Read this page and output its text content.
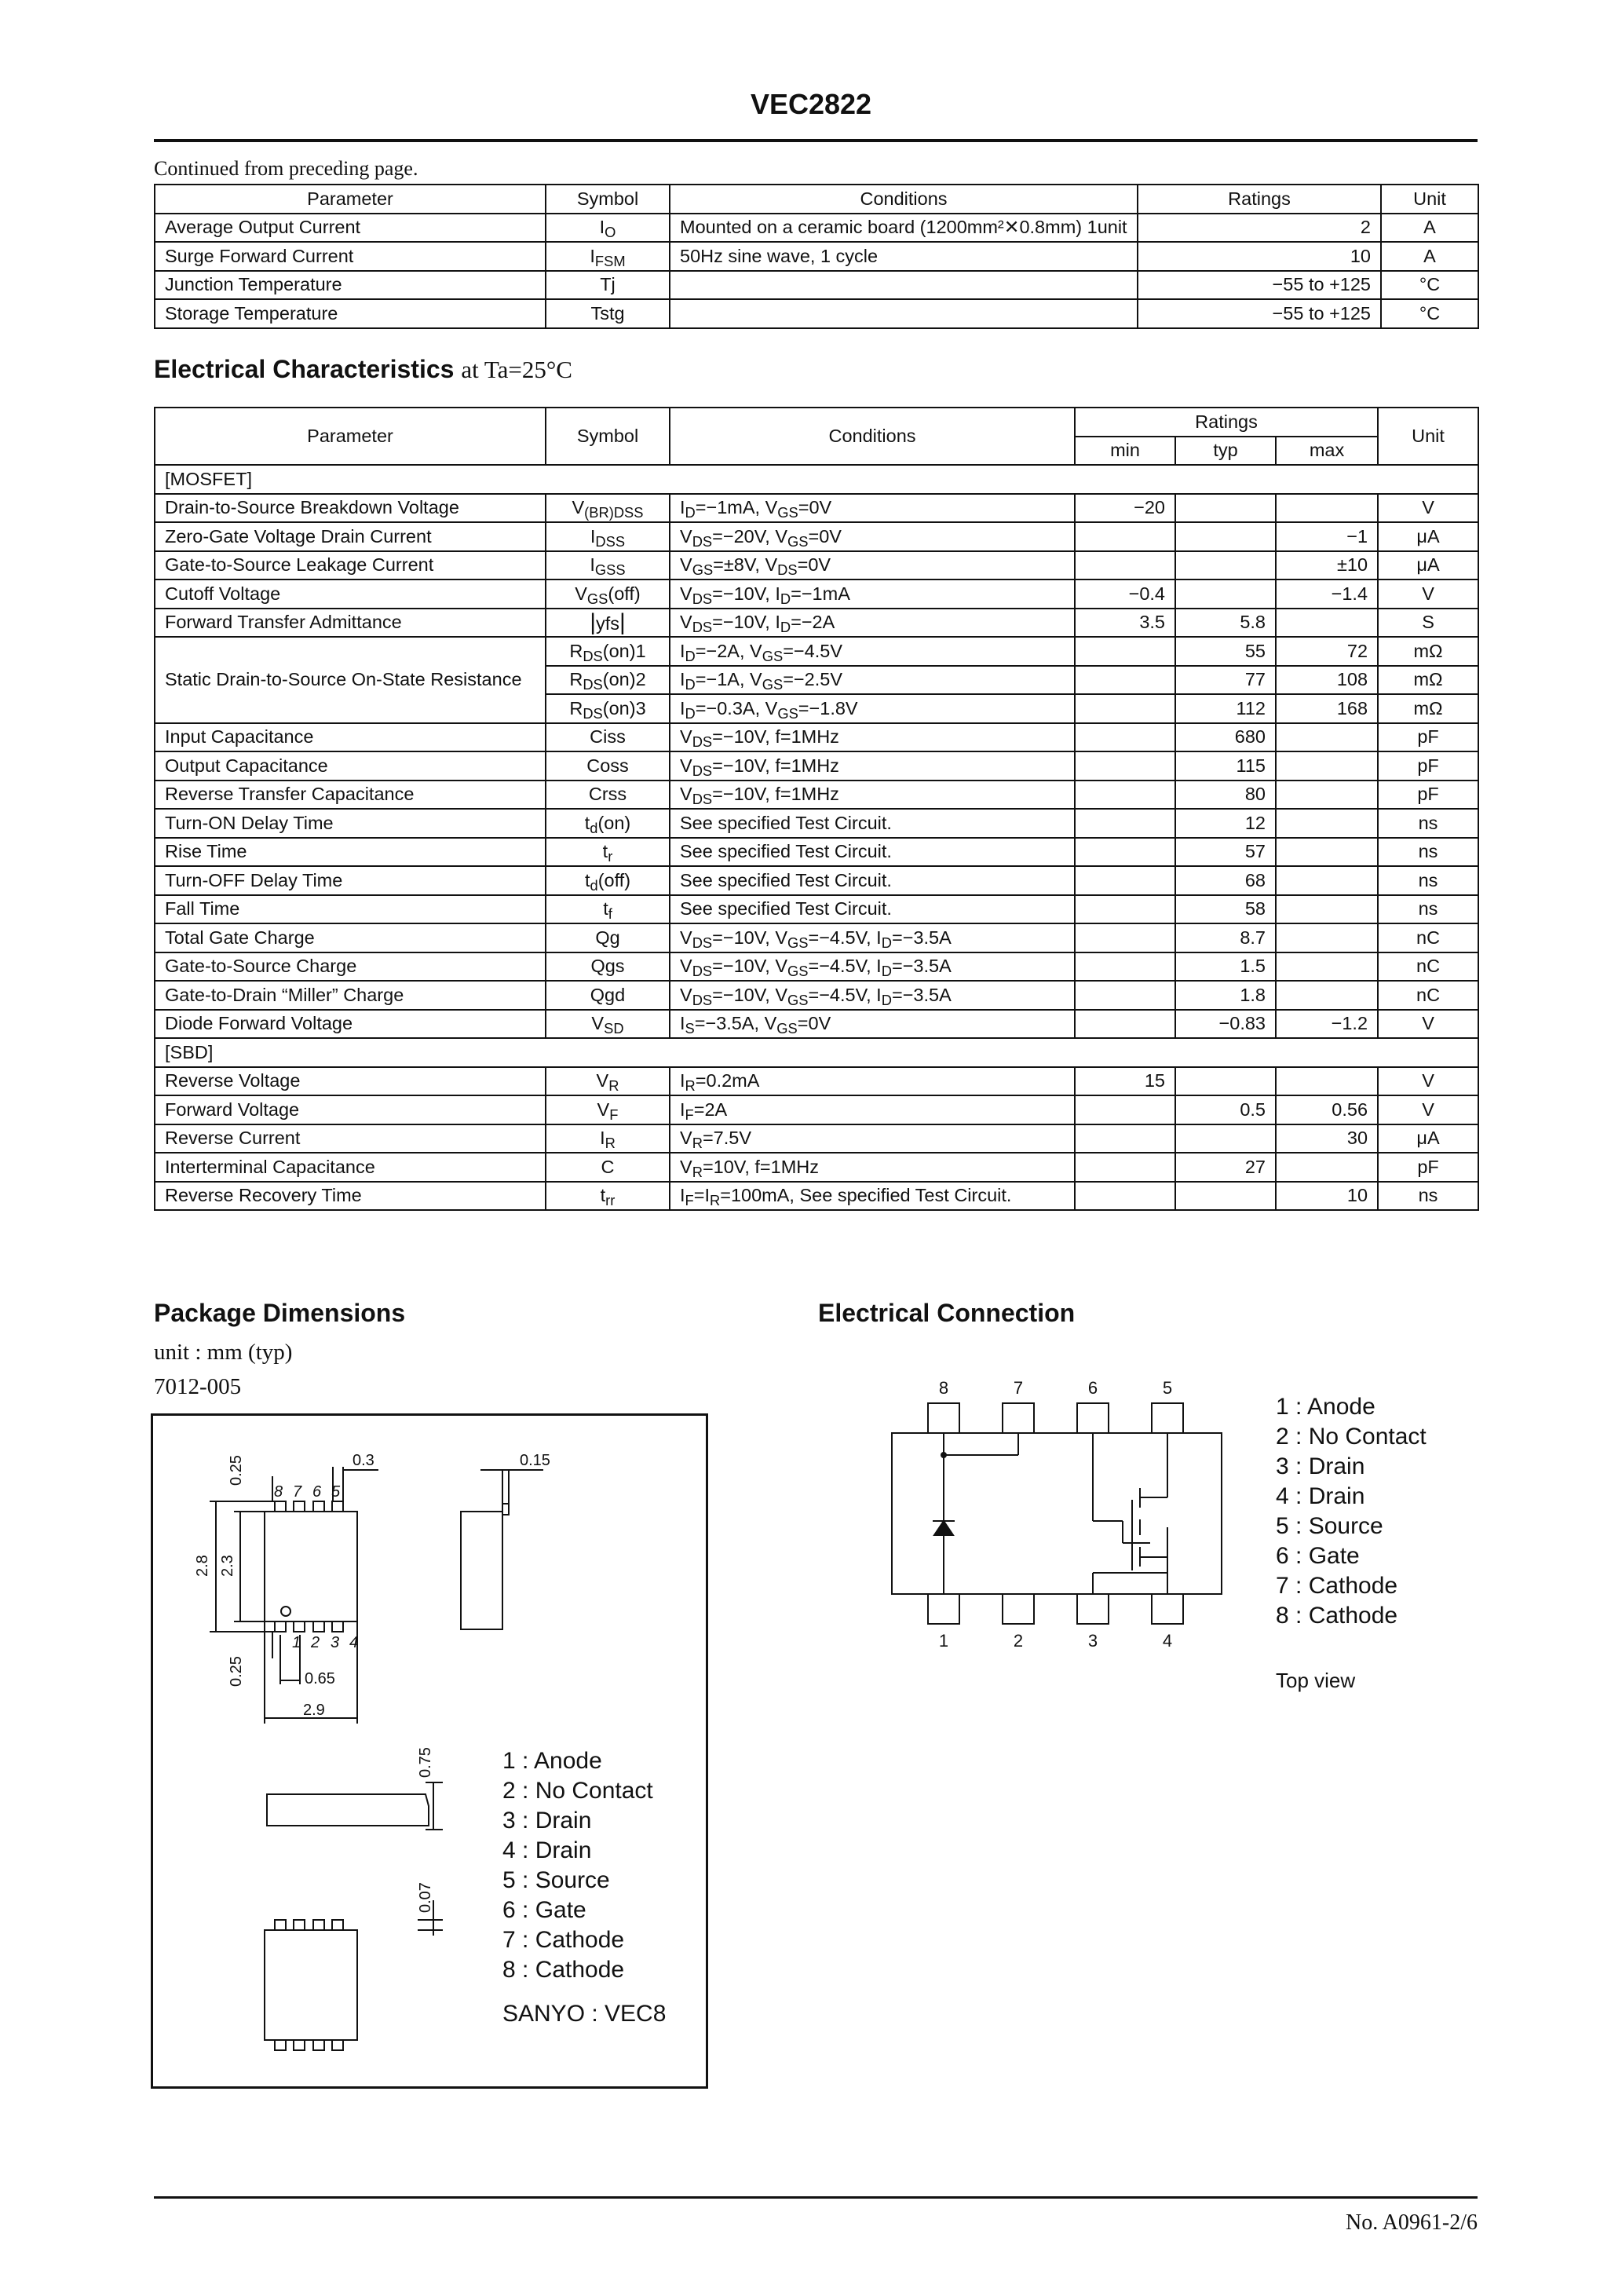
VEC2822
Continued from preceding page.
Parameter	Symbol	Conditions	Ratings	Unit
Average Output Current	$I_O$	Mounted on a ceramic board (1200mm²✕0.8mm) 1unit	2	A
Surge Forward Current	$I_{FSM}$	50Hz sine wave, 1 cycle	10	A
Junction Temperature	Tj		−55 to +125	°C
Storage Temperature	Tstg		−55 to +125	°C
Electrical Characteristics at Ta=25°C
Parameter	Symbol	Conditions	Ratings			Unit
			min	typ	max	
[MOSFET]						
Drain-to-Source Breakdown Voltage	$V_{(BR)DSS}$	$I_D=-1mA$, $V_{GS}=0V$	−20			V
Zero-Gate Voltage Drain Current	$I_{DSS}$	$V_{DS}=-20V$, $V_{GS}=0V$			−1	μA
Gate-to-Source Leakage Current	$I_{GSS}$	$V_{GS}=\pm 8V$, $V_{DS}=0V$			±10	μA
Cutoff Voltage	$V_{GS}(off)$	$V_{DS}=-10V$, $I_D=-1mA$	−0.4		−1.4	V
Forward Transfer Admittance	|yfs|	$V_{DS}=-10V$, $I_D=-2A$	3.5	5.8		S
Static Drain-to-Source On-State Resistance	$R_{DS}(on)1$	$I_D=-2A$, $V_{GS}=-4.5V$		55	72	mΩ
	$R_{DS}(on)2$	$I_D=-1A$, $V_{GS}=-2.5V$		77	108	mΩ
	$R_{DS}(on)3$	$I_D=-0.3A$, $V_{GS}=-1.8V$		112	168	mΩ
Input Capacitance	Ciss	$V_{DS}=-10V$, f=1MHz		680		pF
Output Capacitance	Coss	$V_{DS}=-10V$, f=1MHz		115		pF
Reverse Transfer Capacitance	Crss	$V_{DS}=-10V$, f=1MHz		80		pF
Turn-ON Delay Time	$t_d(on)$	See specified Test Circuit.		12		ns
Rise Time	$t_r$	See specified Test Circuit.		57		ns
Turn-OFF Delay Time	$t_d(off)$	See specified Test Circuit.		68		ns
Fall Time	$t_f$	See specified Test Circuit.		58		ns
Total Gate Charge	Qg	$V_{DS}=-10V$, $V_{GS}=-4.5V$, $I_D=-3.5A$		8.7		nC
Gate-to-Source Charge	Qgs	$V_{DS}=-10V$, $V_{GS}=-4.5V$, $I_D=-3.5A$		1.5		nC
Gate-to-Drain “Miller” Charge	Qgd	$V_{DS}=-10V$, $V_{GS}=-4.5V$, $I_D=-3.5A$		1.8		nC
Diode Forward Voltage	$V_{SD}$	$I_S=-3.5A$, $V_{GS}=0V$		−0.83	−1.2	V
[SBD]						
Reverse Voltage	$V_R$	$I_R=0.2mA$	15			V
Forward Voltage	$V_F$	$I_F=2A$		0.5	0.56	V
Reverse Current	$I_R$	$V_R=7.5V$			30	μA
Interterminal Capacitance	C	$V_R=10V$, f=1MHz		27		pF
Reverse Recovery Time	$t_{rr}$	$I_F=I_R=100mA$, See specified Test Circuit.			10	ns
Package Dimensions
unit : mm (typ)
7012-005
0.25	0.3	0.15
2.8 2.3
0.25	0.65
2.9
0.75
0.07
8 7 6 5
1 2 3 4
1 : Anode
2 : No Contact
3 : Drain
4 : Drain
5 : Source
6 : Gate
7 : Cathode
8 : Cathode
SANYO : VEC8
Electrical Connection
8	7	6	5
1	2	3	4
1 : Anode
2 : No Contact
3 : Drain
4 : Drain
5 : Source
6 : Gate
7 : Cathode
8 : Cathode
Top view
No. A0961-2/6
